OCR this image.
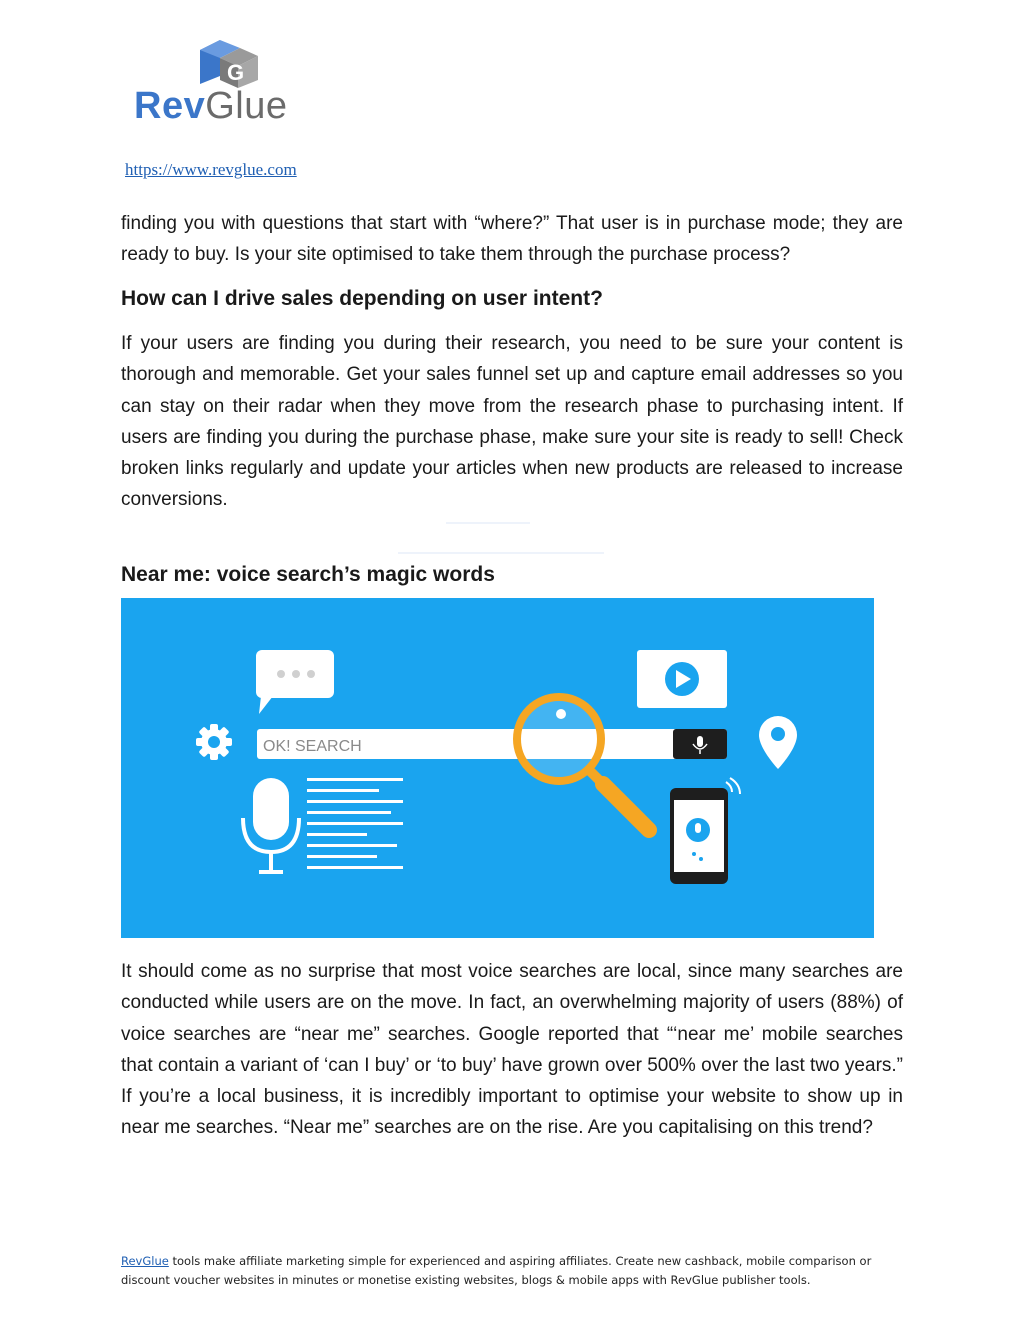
G
RevGlue
https://www.revglue.com
finding you with questions that start with “where?” That user is in purchase mode; they are ready to buy. Is your site optimised to take them through the purchase process?
How can I drive sales depending on user intent?
If your users are finding you during their research, you need to be sure your content is thorough and memorable. Get your sales funnel set up and capture email addresses so you can stay on their radar when they move from the research phase to purchasing intent. If users are finding you during the purchase phase, make sure your site is ready to sell! Check broken links regularly and update your articles when new products are released to increase conversions.
Near me: voice search’s magic words
OK! SEARCH
It should come as no surprise that most voice searches are local, since many searches are conducted while users are on the move. In fact, an overwhelming majority of users (88%) of voice searches are “near me” searches. Google reported that “‘near me’ mobile searches that contain a variant of ‘can I buy’ or ‘to buy’ have grown over 500% over the last two years.” If you’re a local business, it is incredibly important to optimise your website to show up in near me searches. “Near me” searches are on the rise. Are you capitalising on this trend?
RevGlue tools make affiliate marketing simple for experienced and aspiring affiliates. Create new cashback, mobile comparison or discount voucher websites in minutes or monetise existing websites, blogs & mobile apps with RevGlue publisher tools.
